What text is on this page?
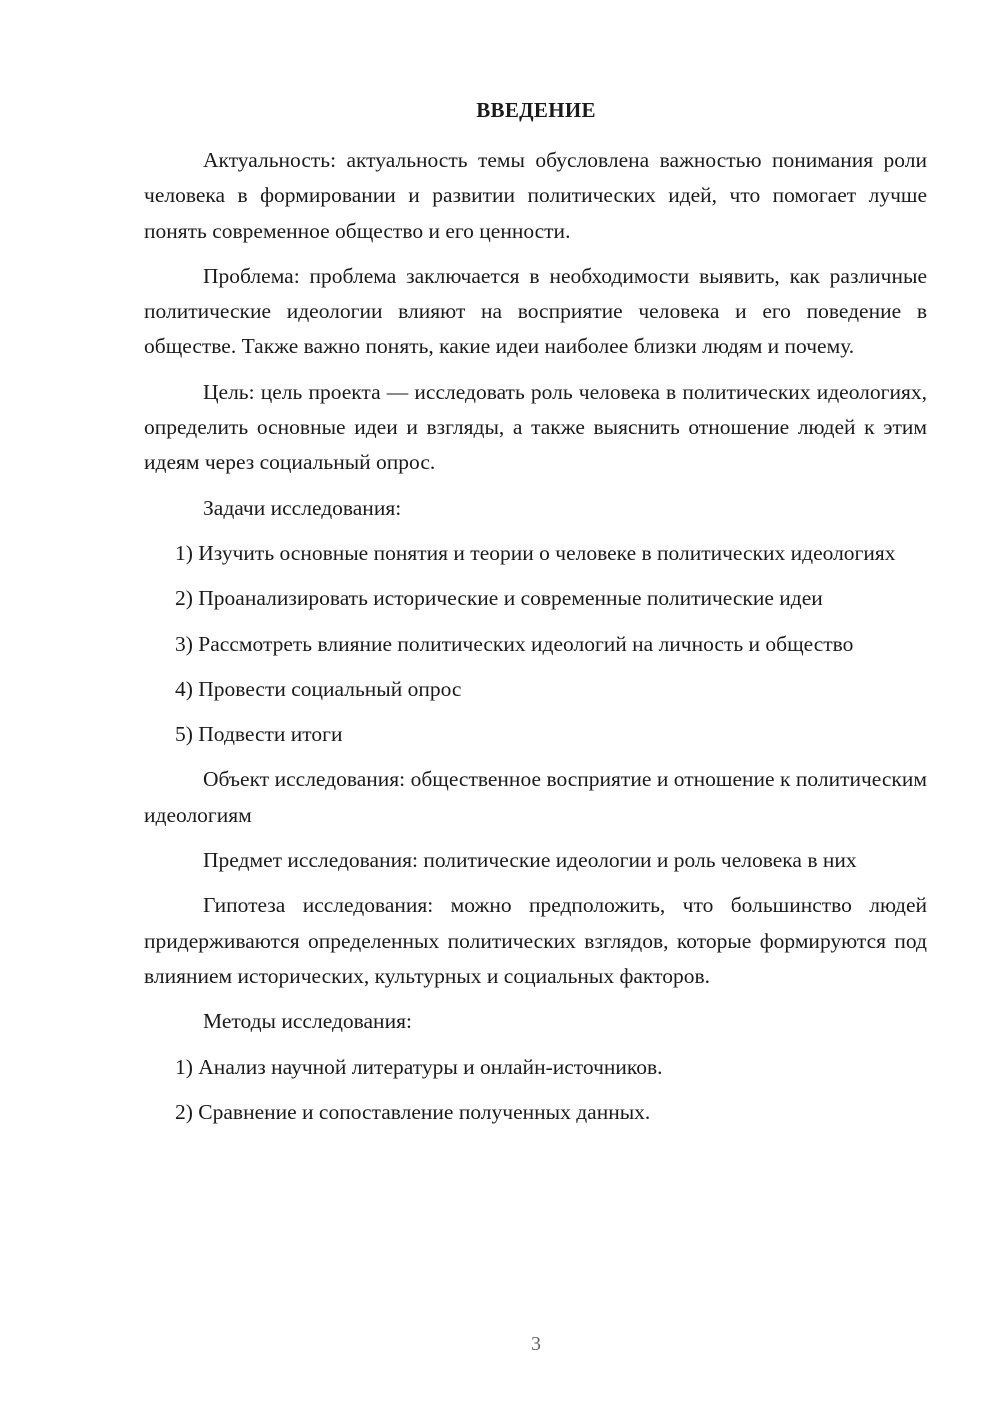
ВВЕДЕНИЕ

Актуальность: актуальность темы обусловлена важностью понимания роли человека в формировании и развитии политических идей, что помогает лучше понять современное общество и его ценности.

Проблема: проблема заключается в необходимости выявить, как различные политические идеологии влияют на восприятие человека и его поведение в обществе. Также важно понять, какие идеи наиболее близки людям и почему.

Цель: цель проекта — исследовать роль человека в политических идеологиях, определить основные идеи и взгляды, а также выяснить отношение людей к этим идеям через социальный опрос.

Задачи исследования:

1) Изучить основные понятия и теории о человеке в политических идеологиях

2) Проанализировать исторические и современные политические идеи

3) Рассмотреть влияние политических идеологий на личность и общество

4) Провести социальный опрос

5) Подвести итоги

Объект исследования: общественное восприятие и отношение к политическим идеологиям

Предмет исследования: политические идеологии и роль человека в них

Гипотеза исследования: можно предположить, что большинство людей придерживаются определенных политических взглядов, которые формируются под влиянием исторических, культурных и социальных факторов.

Методы исследования:

1) Анализ научной литературы и онлайн-источников.

2) Сравнение и сопоставление полученных данных.

3
